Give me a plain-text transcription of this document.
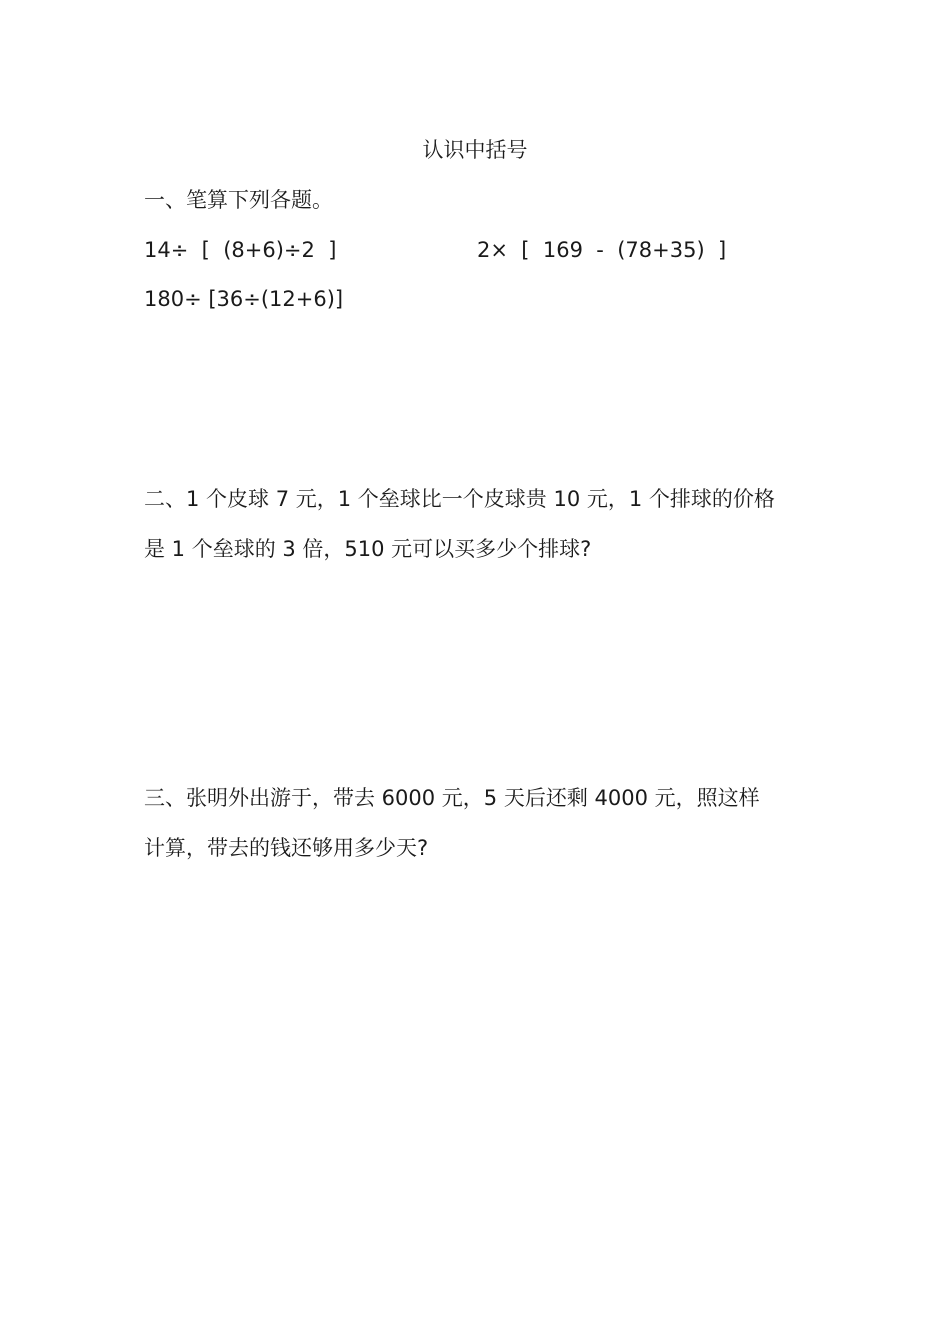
认识中括号
一、笔算下列各题。
14÷  [  (8+6)÷2  ]	2×  [  169  -  (78+35)  ]
180÷ [36÷(12+6)]
二、1 个皮球 7 元，1 个垒球比一个皮球贵 10 元，1 个排球的价格
是 1 个垒球的 3 倍，510 元可以买多少个排球?
三、张明外出游于，带去 6000 元，5 天后还剩 4000 元，照这样
计算，带去的钱还够用多少天?
